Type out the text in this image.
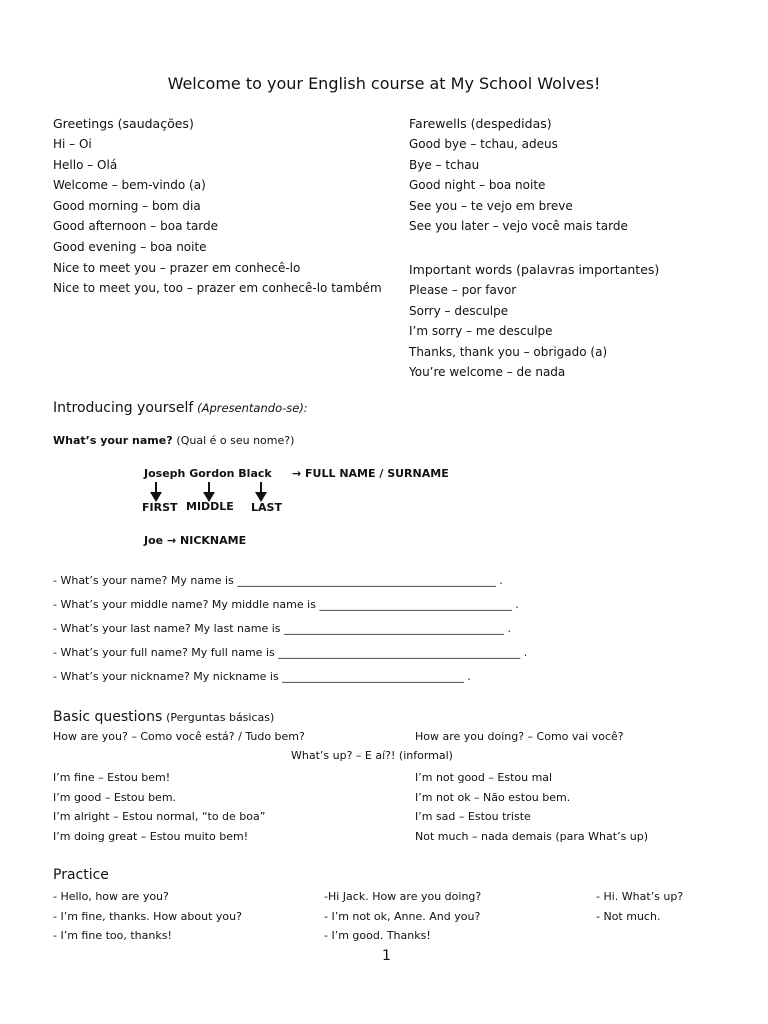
Welcome to your English course at My School Wolves!
Greetings (saudações)
Hi – Oi
Hello – Olá
Welcome – bem-vindo (a)
Good morning – bom dia
Good afternoon – boa tarde
Good evening – boa noite
Nice to meet you – prazer em conhecê-lo
Nice to meet you, too – prazer em conhecê-lo também
Farewells (despedidas)
Good bye – tchau, adeus
Bye – tchau
Good night – boa noite
See you – te vejo em breve
See you later – vejo você mais tarde
Important words (palavras importantes)
Please – por favor
Sorry – desculpe
I’m sorry – me desculpe
Thanks, thank you – obrigado (a)
You’re welcome – de nada
Introducing yourself (Apresentando-se):
What’s your name? (Qual é o seu nome?)
Joseph Gordon Black → FULL NAME / SURNAME
FIRST MIDDLE LAST
Joe → NICKNAME
- What’s your name? My name is _______________________________________________ .
- What’s your middle name? My middle name is ___________________________________ .
- What’s your last name? My last name is ________________________________________ .
- What’s your full name? My full name is ____________________________________________ .
- What’s your nickname? My nickname is _________________________________ .
Basic questions (Perguntas básicas)
How are you? – Como você está? / Tudo bem?	How are you doing? – Como vai você?
What’s up? – E aí?! (informal)
I’m fine – Estou bem!
I’m good – Estou bem.
I’m alright – Estou normal, “to de boa”
I’m doing great – Estou muito bem!
I’m not good – Estou mal
I’m not ok – Não estou bem.
I’m sad – Estou triste
Not much – nada demais (para What’s up)
Practice
- Hello, how are you?
- I’m fine, thanks. How about you?
- I’m fine too, thanks!
-Hi Jack. How are you doing?
- I’m not ok, Anne. And you?
- I’m good. Thanks!
- Hi. What’s up?
- Not much.
1
